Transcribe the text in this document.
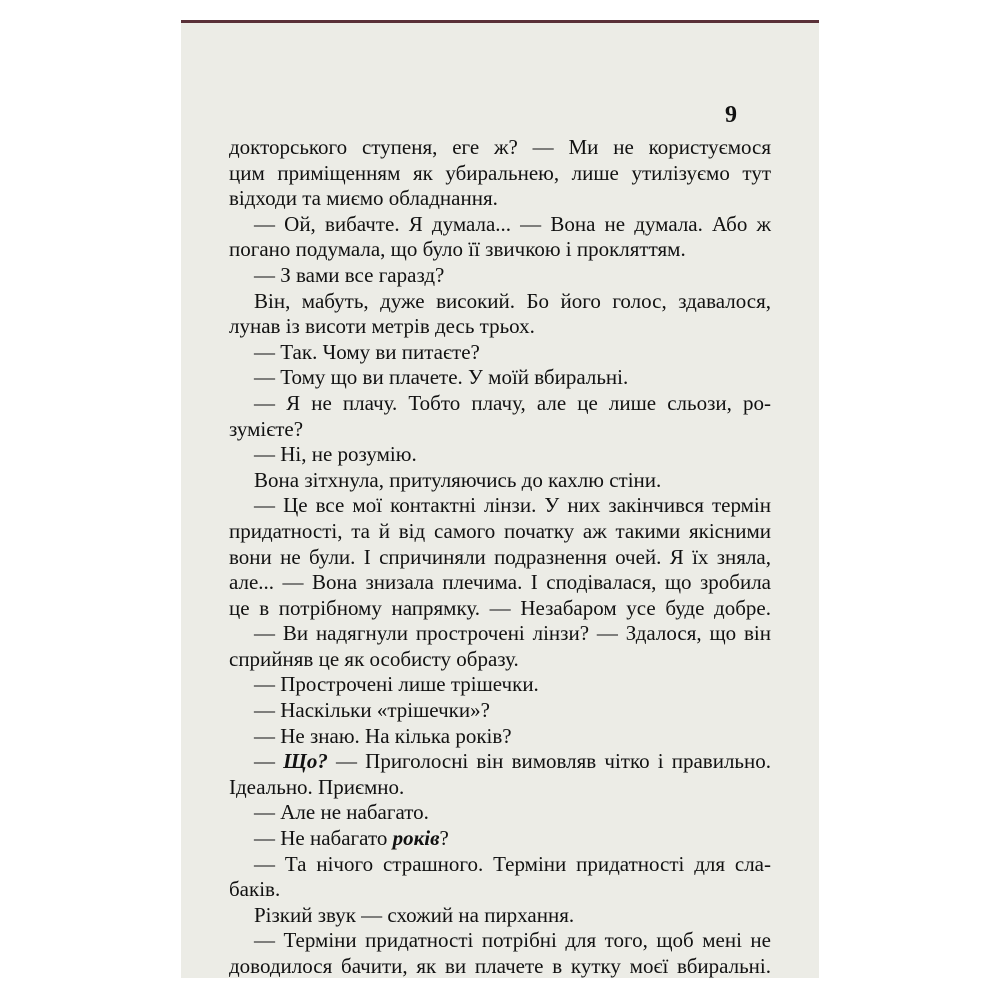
9
докторського ступеня, еге ж? — Ми не користуємося
цим приміщенням як убиральнею, лише утилізуємо тут
відходи та миємо обладнання.
— Ой, вибачте. Я думала... — Вона не думала. Або ж
погано подумала, що було її звичкою і прокляттям.
— З вами все гаразд?
Він, мабуть, дуже високий. Бо його голос, здавалося,
лунав із висоти метрів десь трьох.
— Так. Чому ви питаєте?
— Тому що ви плачете. У моїй вбиральні.
— Я не плачу. Тобто плачу, але це лише сльози, ро-
зумієте?
— Ні, не розумію.
Вона зітхнула, притуляючись до кахлю стіни.
— Це все мої контактні лінзи. У них закінчився термін
придатності, та й від самого початку аж такими якісними
вони не були. І спричиняли подразнення очей. Я їх зняла,
але... — Вона знизала плечима. І сподівалася, що зробила
це в потрібному напрямку. — Незабаром усе буде добре.
— Ви надягнули прострочені лінзи? — Здалося, що він
сприйняв це як особисту образу.
— Прострочені лише трішечки.
— Наскільки «трішечки»?
— Не знаю. На кілька років?
— Що? — Приголосні він вимовляв чітко і правильно.
Ідеально. Приємно.
— Але не набагато.
— Не набагато років?
— Та нічого страшного. Терміни придатності для сла-
баків.
Різкий звук — схожий на пирхання.
— Терміни придатності потрібні для того, щоб мені не
доводилося бачити, як ви плачете в кутку моєї вбиральні.
